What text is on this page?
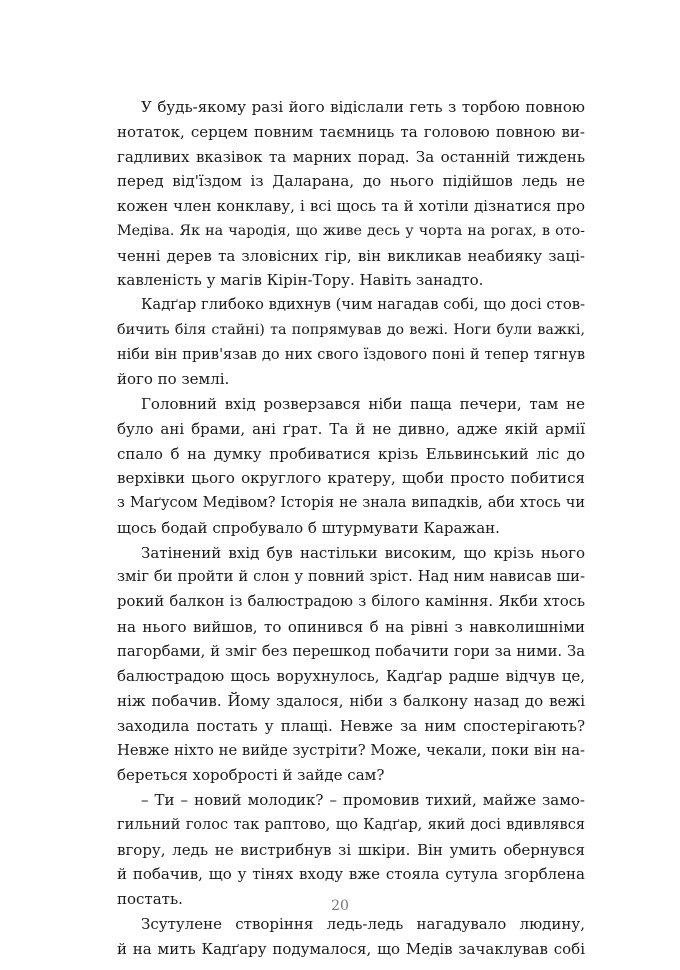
У будь-якому разі його відіслали геть з торбою повною
нотаток, серцем повним таємниць та головою повною ви-
гадливих вказівок та марних порад. За останній тиждень
перед від'їздом із Даларана, до нього підійшов ледь не
кожен член конклаву, і всі щось та й хотіли дізнатися про
Медіва. Як на чародія, що живе десь у чорта на рогах, в ото-
ченні дерев та зловісних гір, він викликав неабияку заці-
кавленість у магів Кірін-Тору. Навіть занадто.
Кадґар глибоко вдихнув (чим нагадав собі, що досі стов-
бичить біля стайні) та попрямував до вежі. Ноги були важкі,
ніби він прив'язав до них свого їздового поні й тепер тягнув
його по землі.
Головний вхід розверзався ніби паща печери, там не
було ані брами, ані ґрат. Та й не дивно, адже якій армії
спало б на думку пробиватися крізь Ельвинський ліс до
верхівки цього округлого кратеру, щоби просто побитися
з Маґусом Медівом? Історія не знала випадків, аби хтось чи
щось бодай спробувало б штурмувати Каражан.
Затінений вхід був настільки високим, що крізь нього
зміг би пройти й слон у повний зріст. Над ним нависав ши-
рокий балкон із балюстрадою з білого каміння. Якби хтось
на нього вийшов, то опинився б на рівні з навколишніми
пагорбами, й зміг без перешкод побачити гори за ними. За
балюстрадою щось ворухнулось, Кадґар радше відчув це,
ніж побачив. Йому здалося, ніби з балкону назад до вежі
заходила постать у плащі. Невже за ним спостерігають?
Невже ніхто не вийде зустріти? Може, чекали, поки він на-
береться хоробрості й зайде сам?
– Ти – новий молодик? – промовив тихий, майже замо-
гильний голос так раптово, що Кадґар, який досі вдивлявся
вгору, ледь не вистрибнув зі шкіри. Він умить обернувся
й побачив, що у тінях входу вже стояла сутула згорблена
постать.
Зсутулене створіння ледь-ледь нагадувало людину,
й на мить Кадґару подумалося, що Медів зачаклував собі
20
